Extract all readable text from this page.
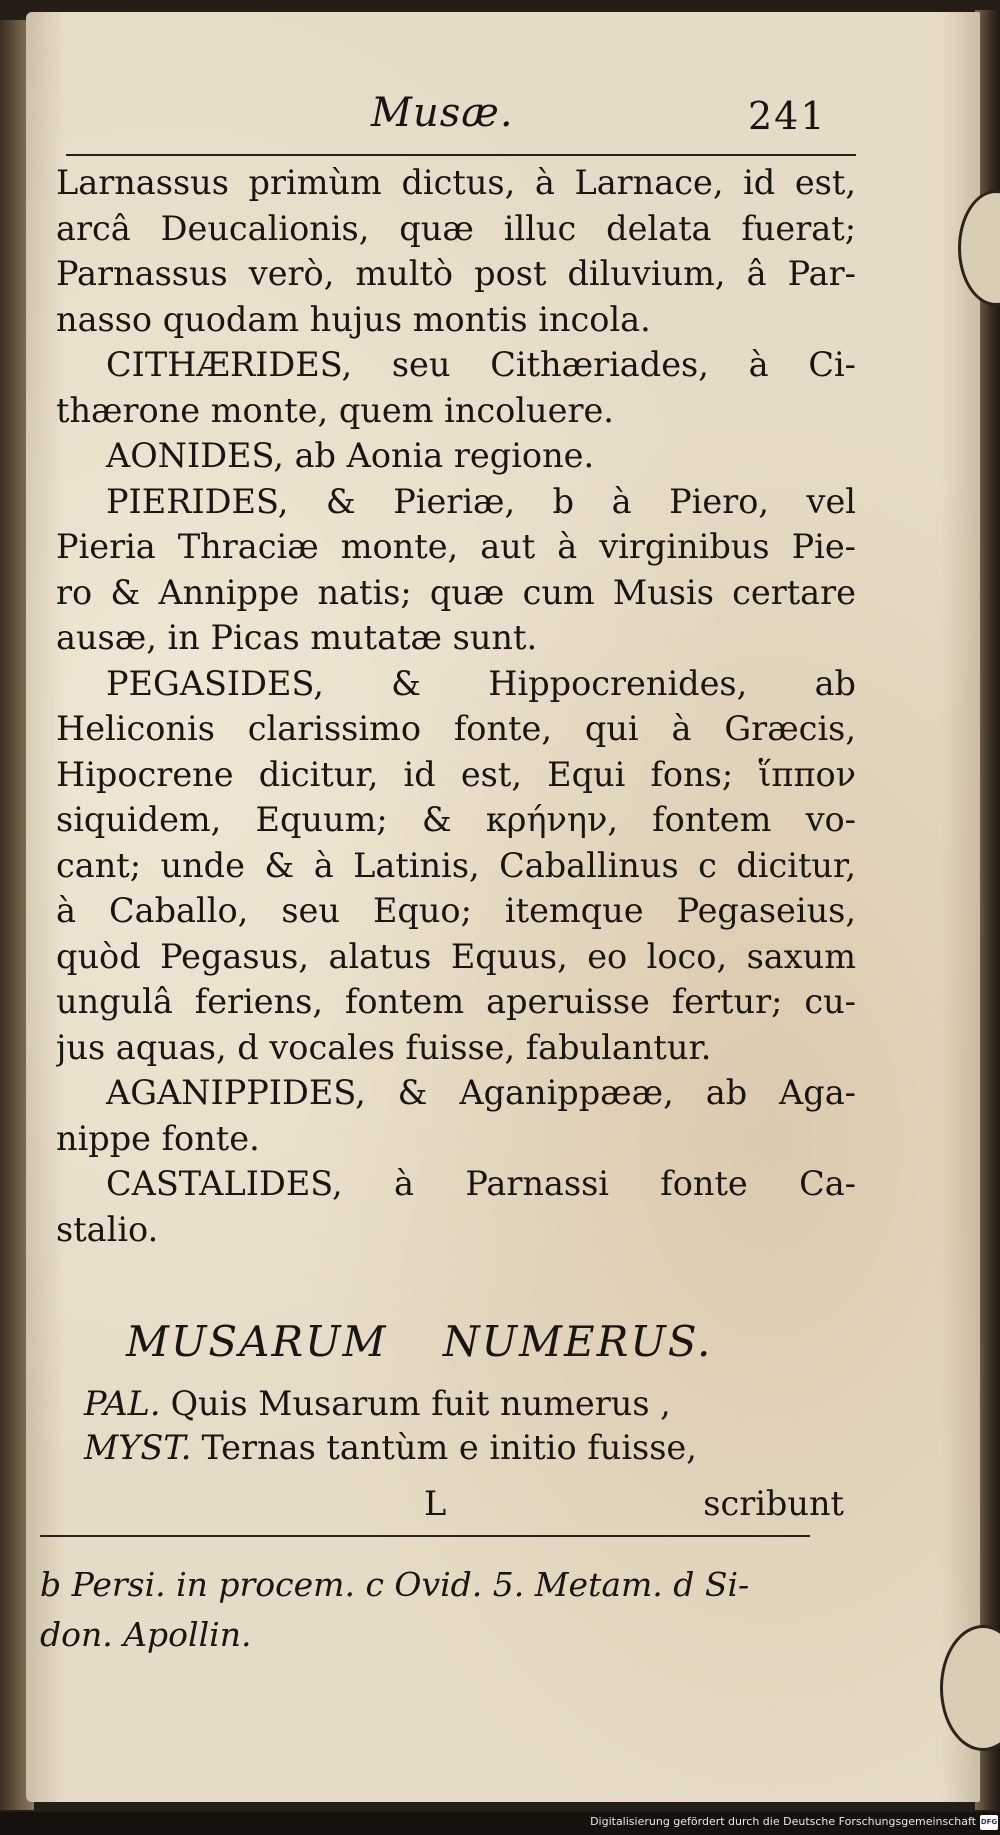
Musæ.	241
Larnassus primùm dictus, à Larnace, id est,
arcâ Deucalionis, quæ illuc delata fuerat;
Parnassus verò, multò post diluvium, â Par-
nasso quodam hujus montis incola.
CITHÆRIDES, seu Cithæriades, à Ci-
thærone monte, quem incoluere.
AONIDES, ab Aonia regione.
PIERIDES, & Pieriæ, b à Piero, vel
Pieria Thraciæ monte, aut à virginibus Pie-
ro & Annippe natis; quæ cum Musis certare
ausæ, in Picas mutatæ sunt.
PEGASIDES, & Hippocrenides, ab
Heliconis clarissimo fonte, qui à Græcis,
Hipocrene dicitur, id est, Equi fons; ἵππον
siquidem, Equum; & κρήνην, fontem vo-
cant; unde & à Latinis, Caballinus c dicitur,
à Caballo, seu Equo; itemque Pegaseius,
quòd Pegasus, alatus Equus, eo loco, saxum
ungulâ feriens, fontem aperuisse fertur; cu-
jus aquas, d vocales fuisse, fabulantur.
AGANIPPIDES, & Aganippææ, ab Aga-
nippe fonte.
CASTALIDES, à Parnassi fonte Ca-
stalio.
MUSARUM NUMERUS.
PAL. Quis Musarum fuit numerus ,
MYST. Ternas tantùm e initio fuisse,
L	scribunt
b Persi. in procem. c Ovid. 5. Metam. d Si-
don. Apollin.
Digitalisierung gefördert durch die Deutsche Forschungsgemeinschaft DFG
